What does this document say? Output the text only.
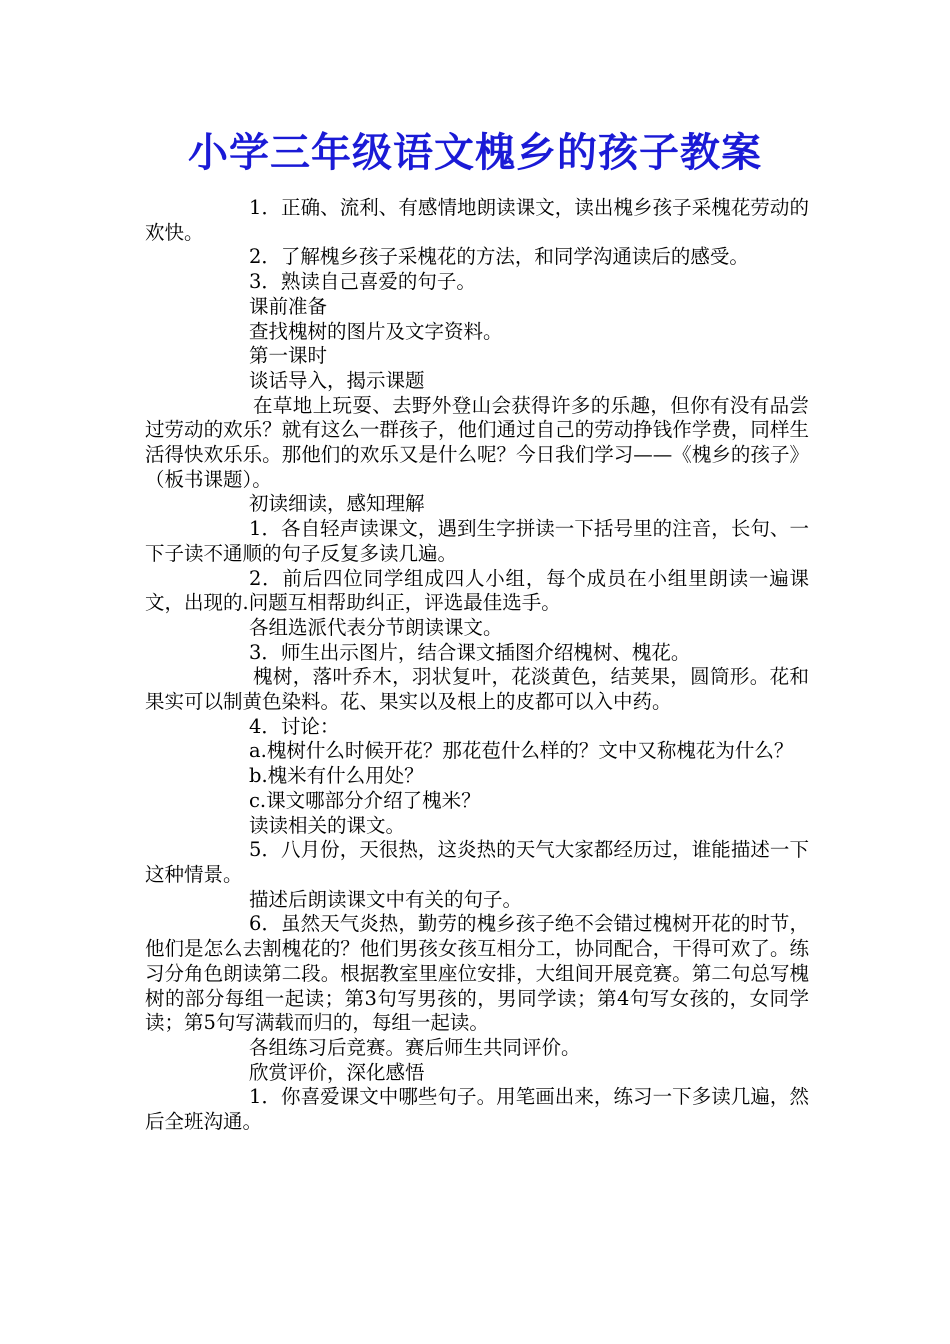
小学三年级语文槐乡的孩子教案

1．正确、流利、有感情地朗读课文，读出槐乡孩子采槐花劳动的欢快。

2．了解槐乡孩子采槐花的方法，和同学沟通读后的感受。

3．熟读自己喜爱的句子。

课前准备

查找槐树的图片及文字资料。

第一课时

谈话导入，揭示课题

在草地上玩耍、去野外登山会获得许多的乐趣，但你有没有品尝过劳动的欢乐？就有这么一群孩子，他们通过自己的劳动挣钱作学费，同样生活得快欢乐乐。那他们的欢乐又是什么呢？今日我们学习——《槐乡的孩子》（板书课题）。

初读细读，感知理解

1．各自轻声读课文，遇到生字拼读一下括号里的注音，长句、一下子读不通顺的句子反复多读几遍。

2．前后四位同学组成四人小组，每个成员在小组里朗读一遍课文，出现的.问题互相帮助纠正，评选最佳选手。

各组选派代表分节朗读课文。

3．师生出示图片，结合课文插图介绍槐树、槐花。

槐树，落叶乔木，羽状复叶，花淡黄色，结荚果，圆筒形。花和果实可以制黄色染料。花、果实以及根上的皮都可以入中药。

4．讨论：

a.槐树什么时候开花？那花苞什么样的？文中又称槐花为什么？

b.槐米有什么用处？

c.课文哪部分介绍了槐米？

读读相关的课文。

5．八月份，天很热，这炎热的天气大家都经历过，谁能描述一下这种情景。

描述后朗读课文中有关的句子。

6．虽然天气炎热，勤劳的槐乡孩子绝不会错过槐树开花的时节，他们是怎么去割槐花的？他们男孩女孩互相分工，协同配合，干得可欢了。练习分角色朗读第二段。根据教室里座位安排，大组间开展竞赛。第二句总写槐树的部分每组一起读；第3句写男孩的，男同学读；第4句写女孩的，女同学读；第5句写满载而归的，每组一起读。

各组练习后竞赛。赛后师生共同评价。

欣赏评价，深化感悟

1．你喜爱课文中哪些句子。用笔画出来，练习一下多读几遍，然后全班沟通。
